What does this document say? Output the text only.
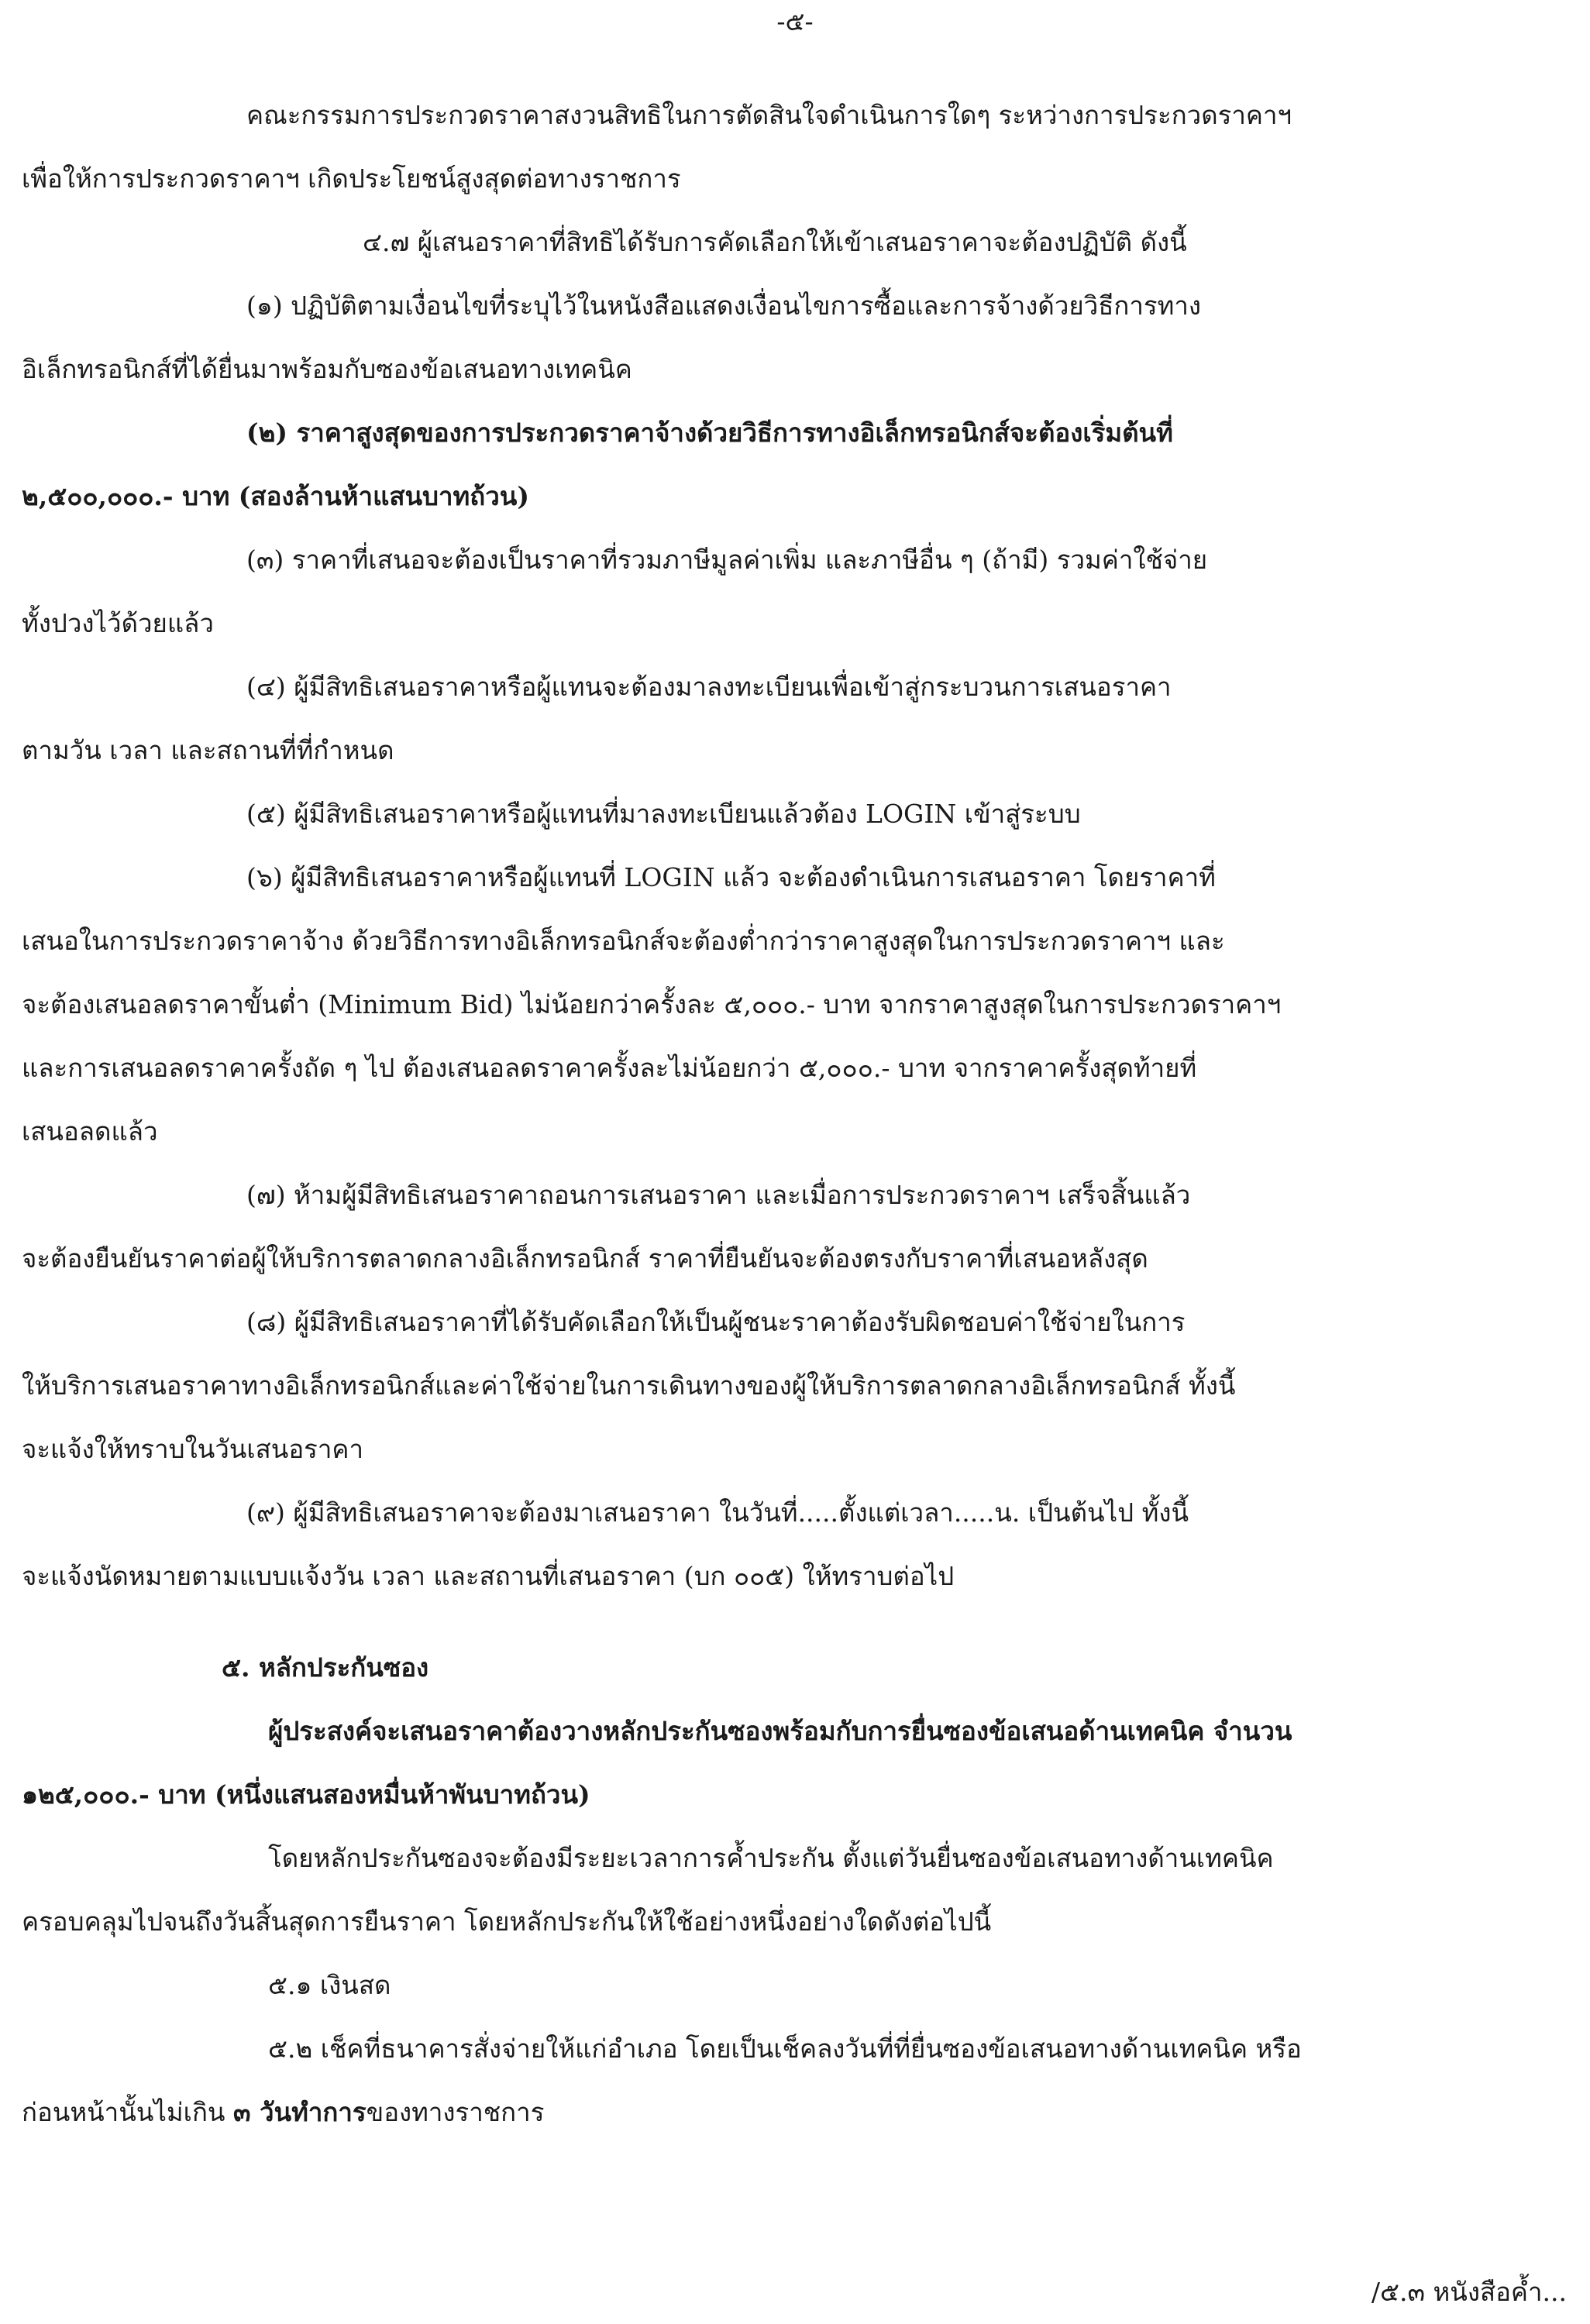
-๕-

คณะกรรมการประกวดราคาสงวนสิทธิในการตัดสินใจดำเนินการใดๆ ระหว่างการประกวดราคาฯ

เพื่อให้การประกวดราคาฯ เกิดประโยชน์สูงสุดต่อทางราชการ

๔.๗ ผู้เสนอราคาที่สิทธิได้รับการคัดเลือกให้เข้าเสนอราคาจะต้องปฏิบัติ ดังนี้

(๑) ปฏิบัติตามเงื่อนไขที่ระบุไว้ในหนังสือแสดงเงื่อนไขการซื้อและการจ้างด้วยวิธีการทาง

อิเล็กทรอนิกส์ที่ได้ยื่นมาพร้อมกับซองข้อเสนอทางเทคนิค

(๒) ราคาสูงสุดของการประกวดราคาจ้างด้วยวิธีการทางอิเล็กทรอนิกส์จะต้องเริ่มต้นที่

๒,๕๐๐,๐๐๐.- บาท (สองล้านห้าแสนบาทถ้วน)

(๓) ราคาที่เสนอจะต้องเป็นราคาที่รวมภาษีมูลค่าเพิ่ม และภาษีอื่น ๆ (ถ้ามี) รวมค่าใช้จ่าย

ทั้งปวงไว้ด้วยแล้ว

(๔) ผู้มีสิทธิเสนอราคาหรือผู้แทนจะต้องมาลงทะเบียนเพื่อเข้าสู่กระบวนการเสนอราคา

ตามวัน เวลา และสถานที่ที่กำหนด

(๕) ผู้มีสิทธิเสนอราคาหรือผู้แทนที่มาลงทะเบียนแล้วต้อง LOGIN เข้าสู่ระบบ

(๖) ผู้มีสิทธิเสนอราคาหรือผู้แทนที่ LOGIN แล้ว จะต้องดำเนินการเสนอราคา โดยราคาที่

เสนอในการประกวดราคาจ้าง ด้วยวิธีการทางอิเล็กทรอนิกส์จะต้องต่ำกว่าราคาสูงสุดในการประกวดราคาฯ และ

จะต้องเสนอลดราคาขั้นต่ำ (Minimum Bid) ไม่น้อยกว่าครั้งละ ๕,๐๐๐.- บาท จากราคาสูงสุดในการประกวดราคาฯ

และการเสนอลดราคาครั้งถัด ๆ ไป ต้องเสนอลดราคาครั้งละไม่น้อยกว่า ๕,๐๐๐.- บาท จากราคาครั้งสุดท้ายที่

เสนอลดแล้ว

(๗) ห้ามผู้มีสิทธิเสนอราคาถอนการเสนอราคา และเมื่อการประกวดราคาฯ เสร็จสิ้นแล้ว

จะต้องยืนยันราคาต่อผู้ให้บริการตลาดกลางอิเล็กทรอนิกส์ ราคาที่ยืนยันจะต้องตรงกับราคาที่เสนอหลังสุด

(๘) ผู้มีสิทธิเสนอราคาที่ได้รับคัดเลือกให้เป็นผู้ชนะราคาต้องรับผิดชอบค่าใช้จ่ายในการ

ให้บริการเสนอราคาทางอิเล็กทรอนิกส์และค่าใช้จ่ายในการเดินทางของผู้ให้บริการตลาดกลางอิเล็กทรอนิกส์ ทั้งนี้

จะแจ้งให้ทราบในวันเสนอราคา

(๙) ผู้มีสิทธิเสนอราคาจะต้องมาเสนอราคา ในวันที่.....ตั้งแต่เวลา.....น. เป็นต้นไป ทั้งนี้

จะแจ้งนัดหมายตามแบบแจ้งวัน เวลา และสถานที่เสนอราคา (บก ๐๐๕) ให้ทราบต่อไป

๕. หลักประกันซอง

ผู้ประสงค์จะเสนอราคาต้องวางหลักประกันซองพร้อมกับการยื่นซองข้อเสนอด้านเทคนิค จำนวน

๑๒๕,๐๐๐.- บาท (หนึ่งแสนสองหมื่นห้าพันบาทถ้วน)

โดยหลักประกันซองจะต้องมีระยะเวลาการค้ำประกัน ตั้งแต่วันยื่นซองข้อเสนอทางด้านเทคนิค

ครอบคลุมไปจนถึงวันสิ้นสุดการยืนราคา โดยหลักประกันให้ใช้อย่างหนึ่งอย่างใดดังต่อไปนี้

๕.๑ เงินสด

๕.๒ เช็คที่ธนาคารสั่งจ่ายให้แก่อำเภอ โดยเป็นเช็คลงวันที่ที่ยื่นซองข้อเสนอทางด้านเทคนิค หรือ

ก่อนหน้านั้นไม่เกิน ๓ วันทำการของทางราชการ

/๕.๓ หนังสือค้ำ...
